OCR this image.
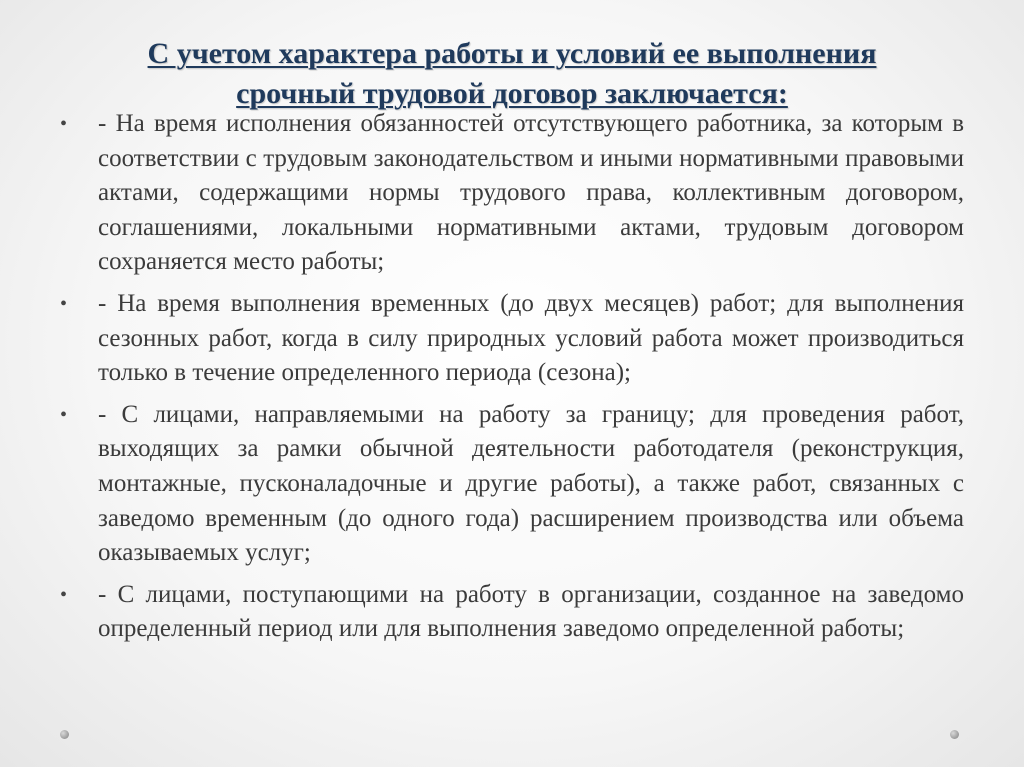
С учетом характера работы и условий ее выполнения
срочный трудовой договор заключается:
• - На время исполнения обязанностей отсутствующего работника, за которым в соответствии с трудовым законодательством и иными нормативными правовыми актами, содержащими нормы трудового права, коллективным договором, соглашениями, локальными нормативными актами, трудовым договором сохраняется место работы;
• - На время выполнения временных (до двух месяцев) работ; для выполнения сезонных работ, когда в силу природных условий работа может производиться только в течение определенного периода (сезона);
• - С лицами, направляемыми на работу за границу; для проведения работ, выходящих за рамки обычной деятельности работодателя (реконструкция, монтажные, пусконаладочные и другие работы), а также работ, связанных с заведомо временным (до одного года) расширением производства или объема оказываемых услуг;
• - С лицами, поступающими на работу в организации, созданное на заведомо определенный период или для выполнения заведомо определенной работы;
